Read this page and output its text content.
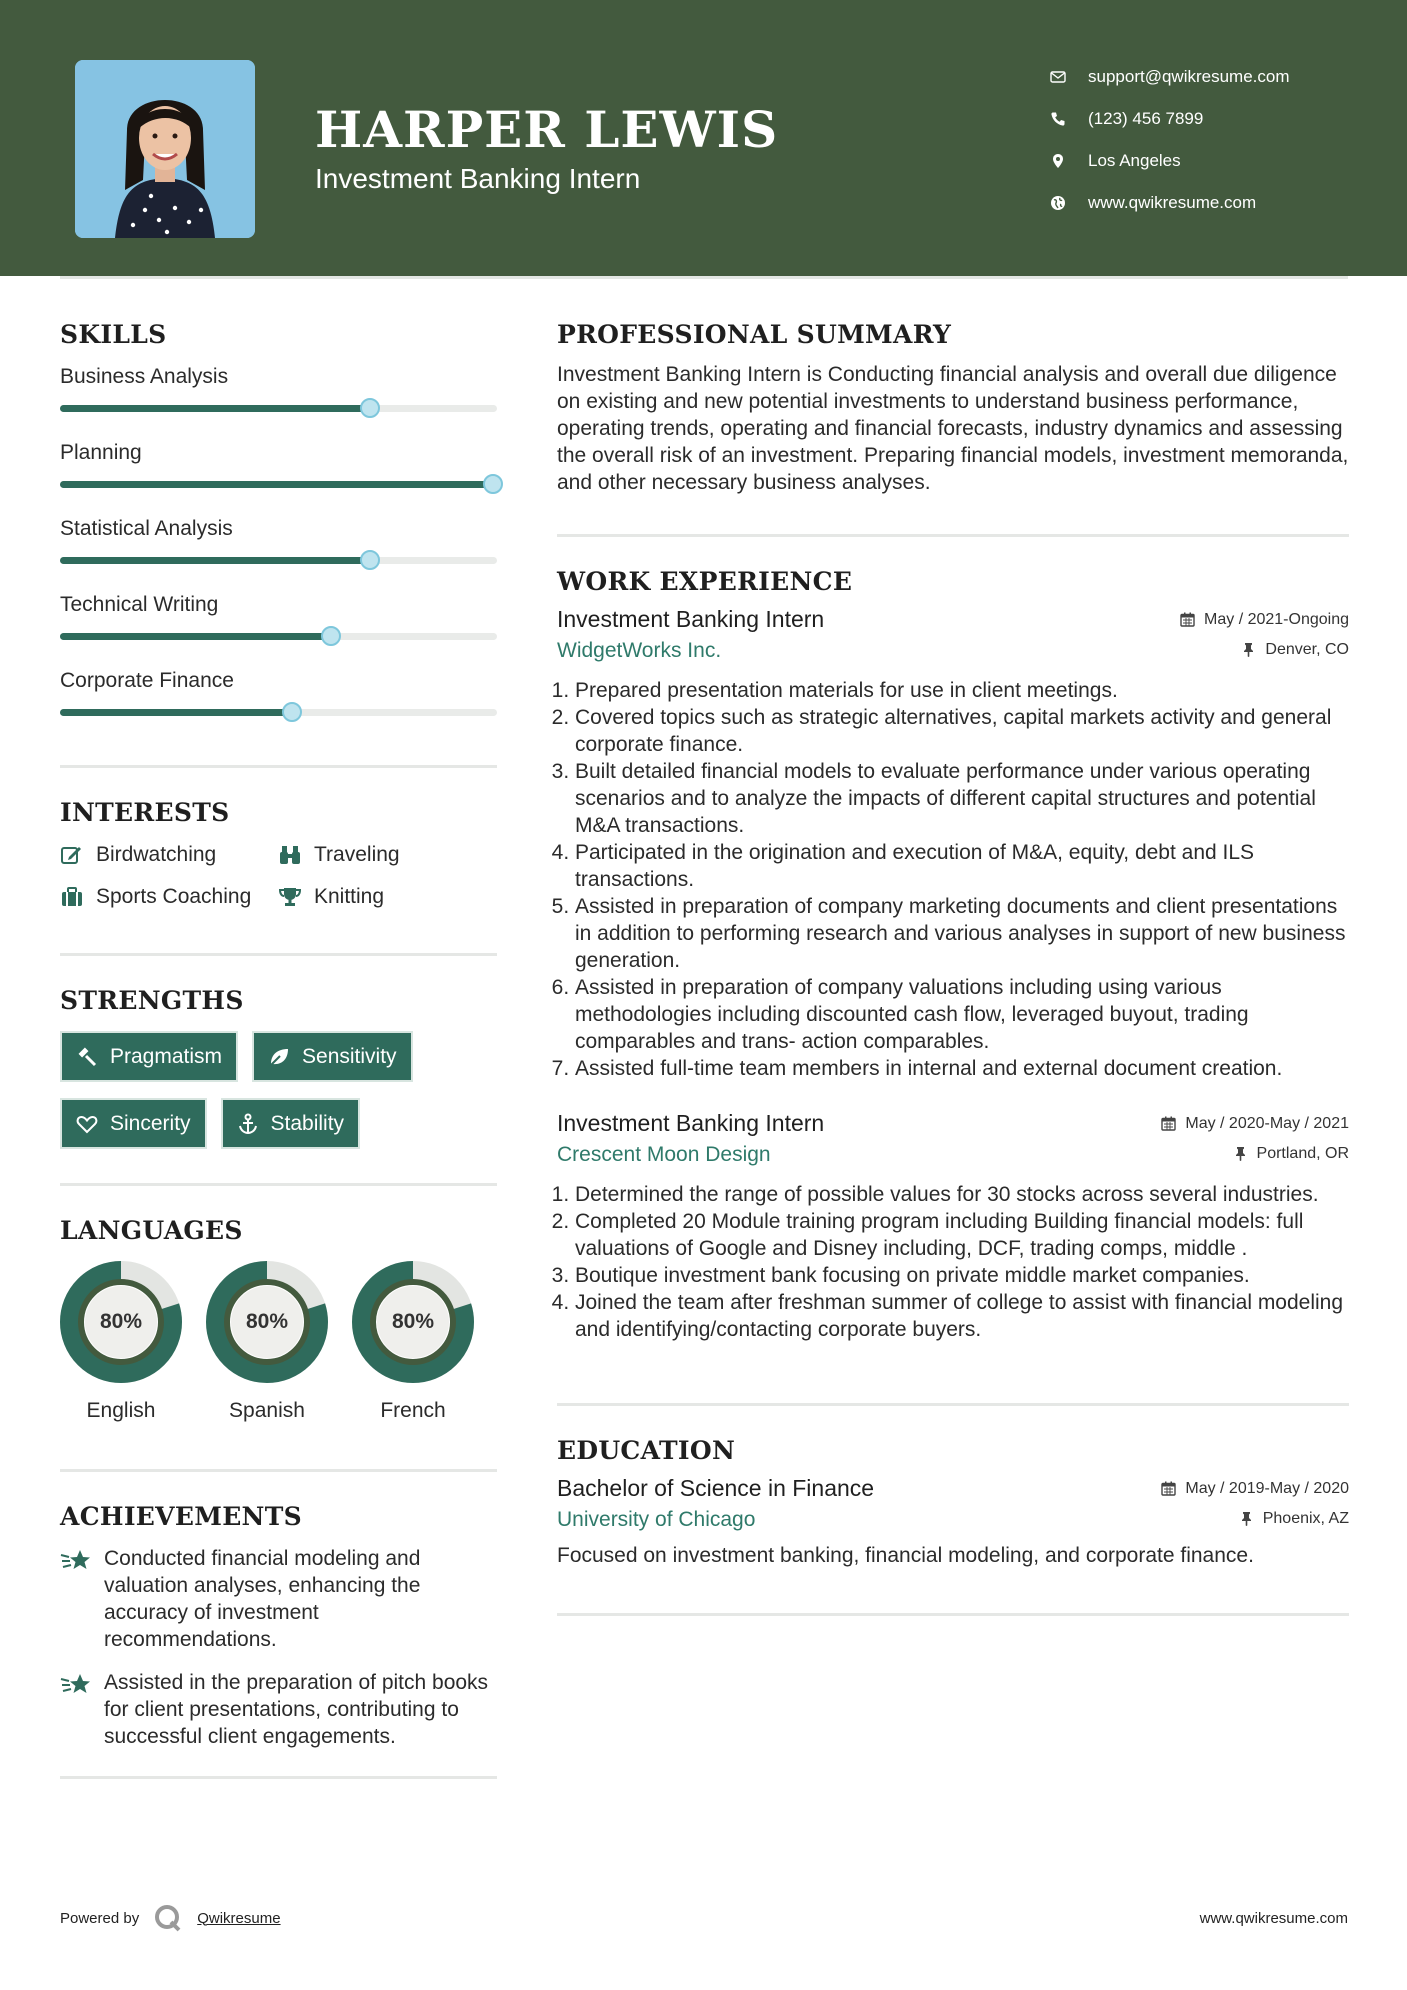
HARPER LEWIS
Investment Banking Intern
support@qwikresume.com
(123) 456 7899
Los Angeles
www.qwikresume.com
SKILLS
Business Analysis
Planning
Statistical Analysis
Technical Writing
Corporate Finance
INTERESTS
Birdwatching	Traveling
Sports Coaching	Knitting
STRENGTHS
Pragmatism	Sensitivity
Sincerity	Stability
LANGUAGES
80%
English
80%
Spanish
80%
French
ACHIEVEMENTS
Conducted financial modeling and valuation analyses, enhancing the accuracy of investment recommendations.
Assisted in the preparation of pitch books for client presentations, contributing to successful client engagements.
PROFESSIONAL SUMMARY
Investment Banking Intern is Conducting financial analysis and overall due diligence on existing and new potential investments to understand business performance, operating trends, operating and financial forecasts, industry dynamics and assessing the overall risk of an investment. Preparing financial models, investment memoranda, and other necessary business analyses.
WORK EXPERIENCE
Investment Banking Intern	May / 2021-Ongoing
WidgetWorks Inc.	Denver, CO
1. Prepared presentation materials for use in client meetings.
2. Covered topics such as strategic alternatives, capital markets activity and general corporate finance.
3. Built detailed financial models to evaluate performance under various operating scenarios and to analyze the impacts of different capital structures and potential M&A transactions.
4. Participated in the origination and execution of M&A, equity, debt and ILS transactions.
5. Assisted in preparation of company marketing documents and client presentations in addition to performing research and various analyses in support of new business generation.
6. Assisted in preparation of company valuations including using various methodologies including discounted cash flow, leveraged buyout, trading comparables and trans- action comparables.
7. Assisted full-time team members in internal and external document creation.
Investment Banking Intern	May / 2020-May / 2021
Crescent Moon Design	Portland, OR
1. Determined the range of possible values for 30 stocks across several industries.
2. Completed 20 Module training program including Building financial models: full valuations of Google and Disney including, DCF, trading comps, middle .
3. Boutique investment bank focusing on private middle market companies.
4. Joined the team after freshman summer of college to assist with financial modeling and identifying/contacting corporate buyers.
EDUCATION
Bachelor of Science in Finance	May / 2019-May / 2020
University of Chicago	Phoenix, AZ
Focused on investment banking, financial modeling, and corporate finance.
Powered by	Qwikresume	www.qwikresume.com
